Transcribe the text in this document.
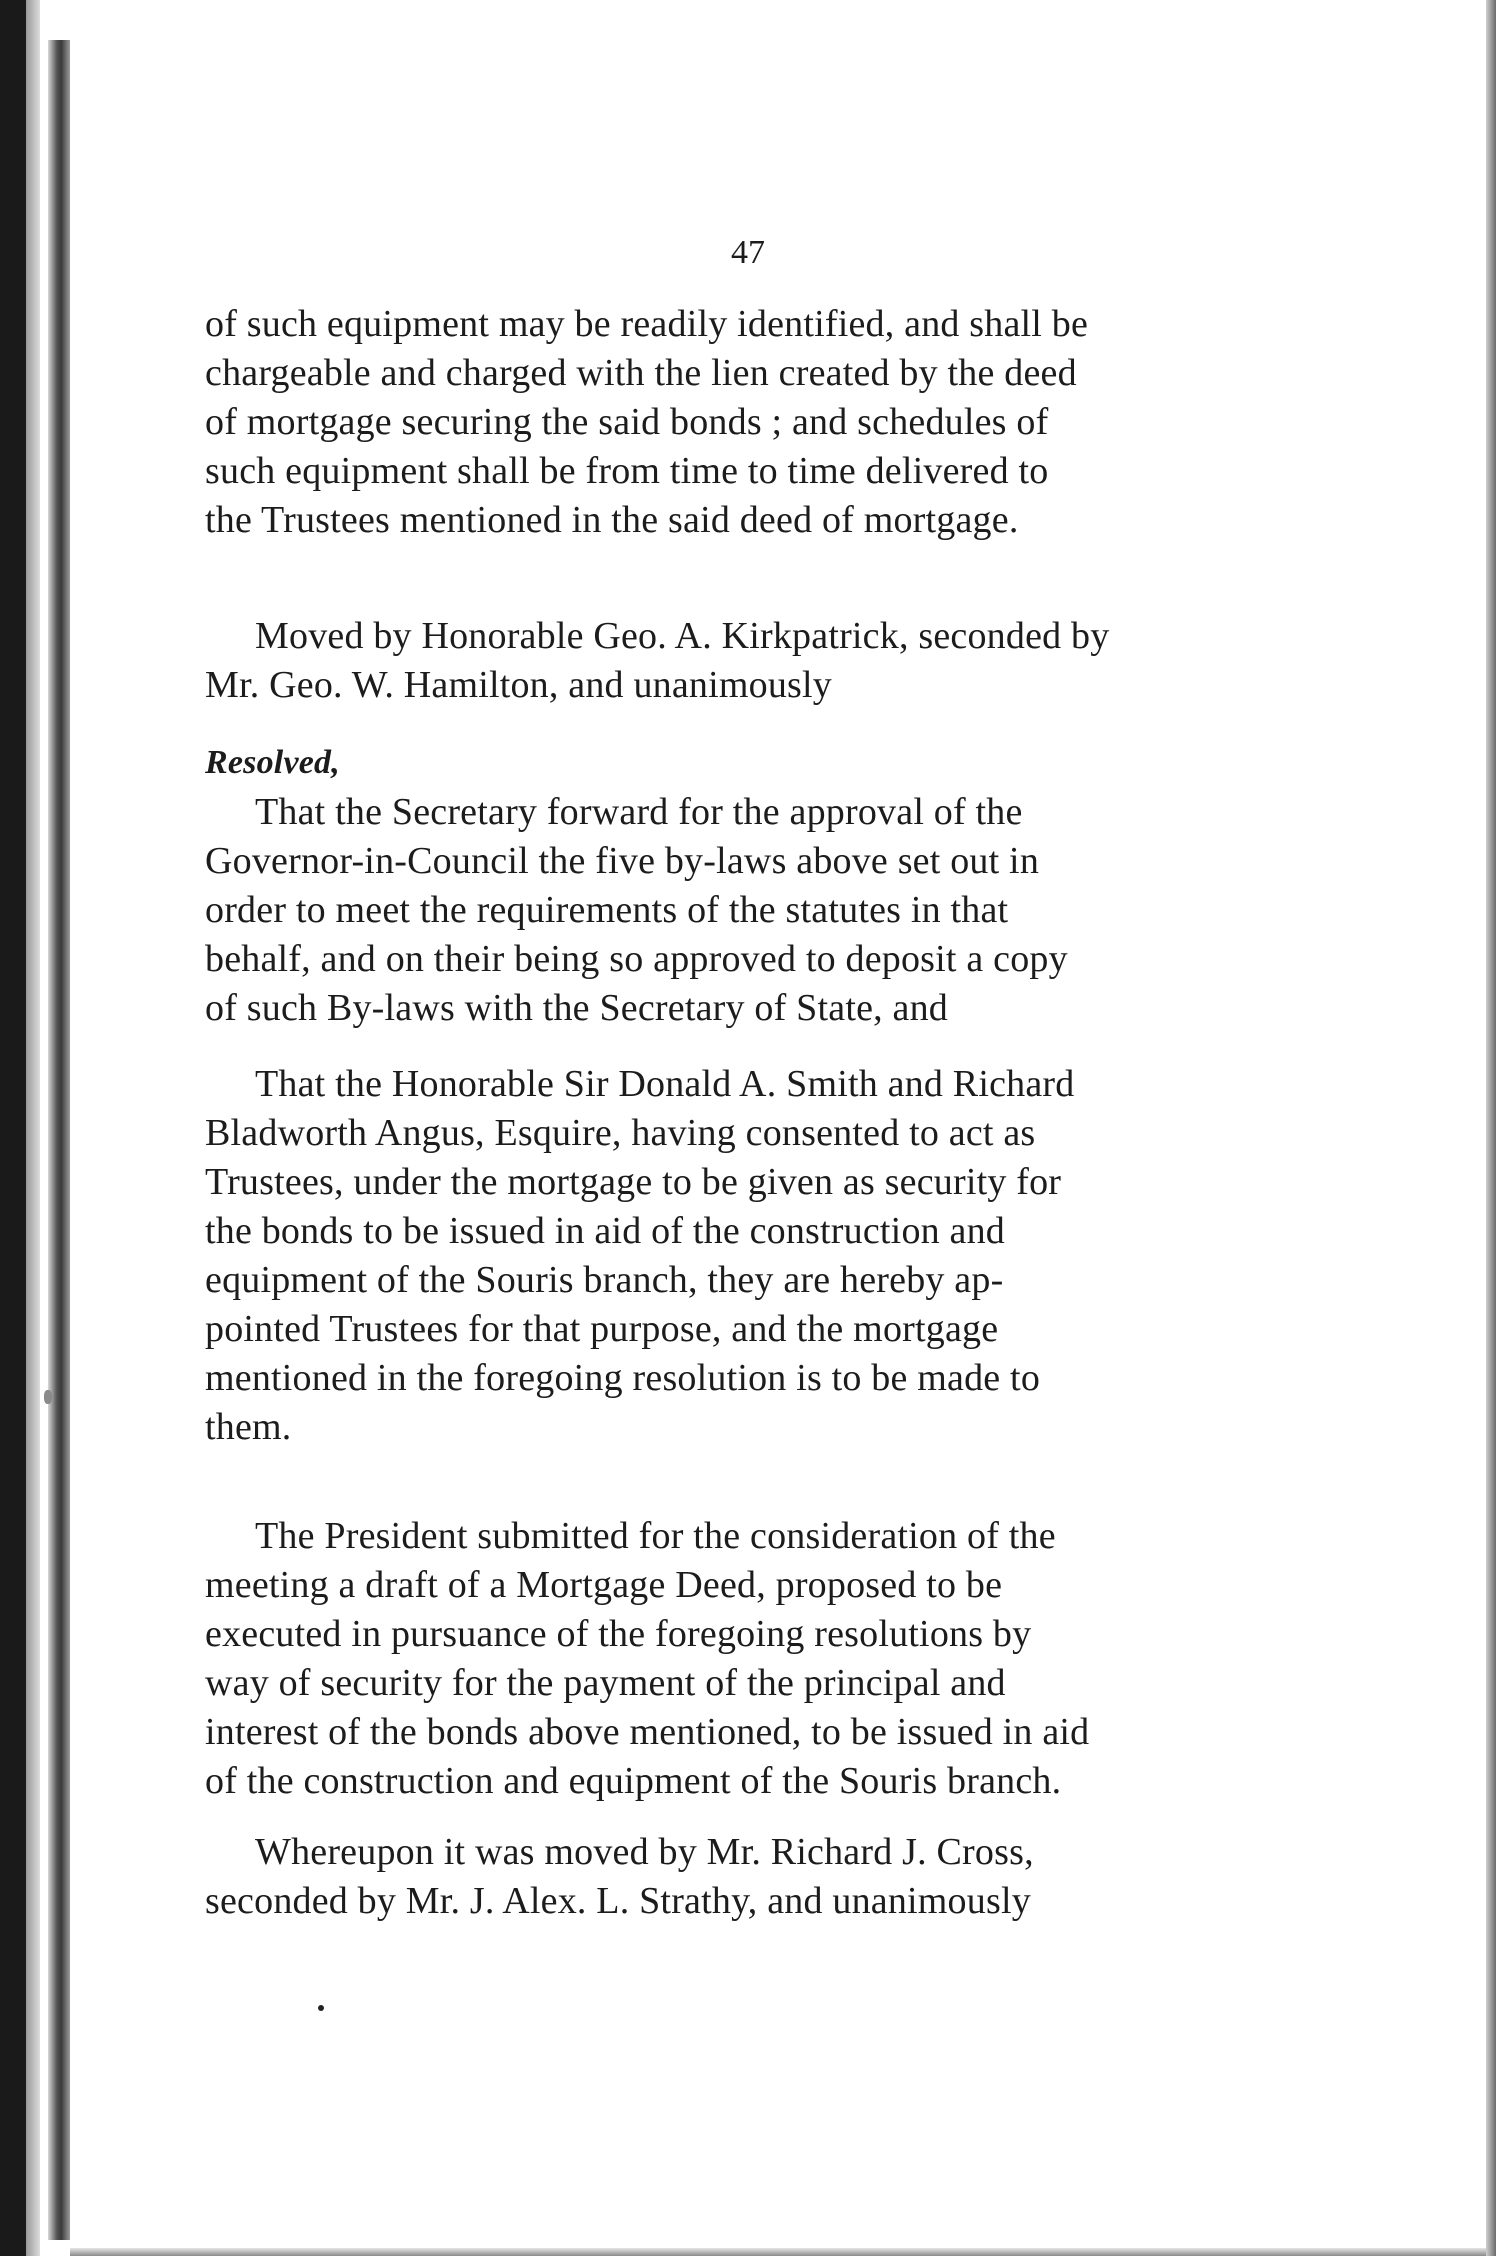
47
of such equipment may be readily identified, and shall be
chargeable and charged with the lien created by the deed
of mortgage securing the said bonds ; and schedules of
such equipment shall be from time to time delivered to
the Trustees mentioned in the said deed of mortgage.
Moved by Honorable Geo. A. Kirkpatrick, seconded by
Mr. Geo. W. Hamilton, and unanimously
Resolved,
That the Secretary forward for the approval of the
Governor-in-Council the five by-laws above set out in
order to meet the requirements of the statutes in that
behalf, and on their being so approved to deposit a copy
of such By-laws with the Secretary of State, and
That the Honorable Sir Donald A. Smith and Richard
Bladworth Angus, Esquire, having consented to act as
Trustees, under the mortgage to be given as security for
the bonds to be issued in aid of the construction and
equipment of the Souris branch, they are hereby ap-
pointed Trustees for that purpose, and the mortgage
mentioned in the foregoing resolution is to be made to
them.
The President submitted for the consideration of the
meeting a draft of a Mortgage Deed, proposed to be
executed in pursuance of the foregoing resolutions by
way of security for the payment of the principal and
interest of the bonds above mentioned, to be issued in aid
of the construction and equipment of the Souris branch.
Whereupon it was moved by Mr. Richard J. Cross,
seconded by Mr. J. Alex. L. Strathy, and unanimously
